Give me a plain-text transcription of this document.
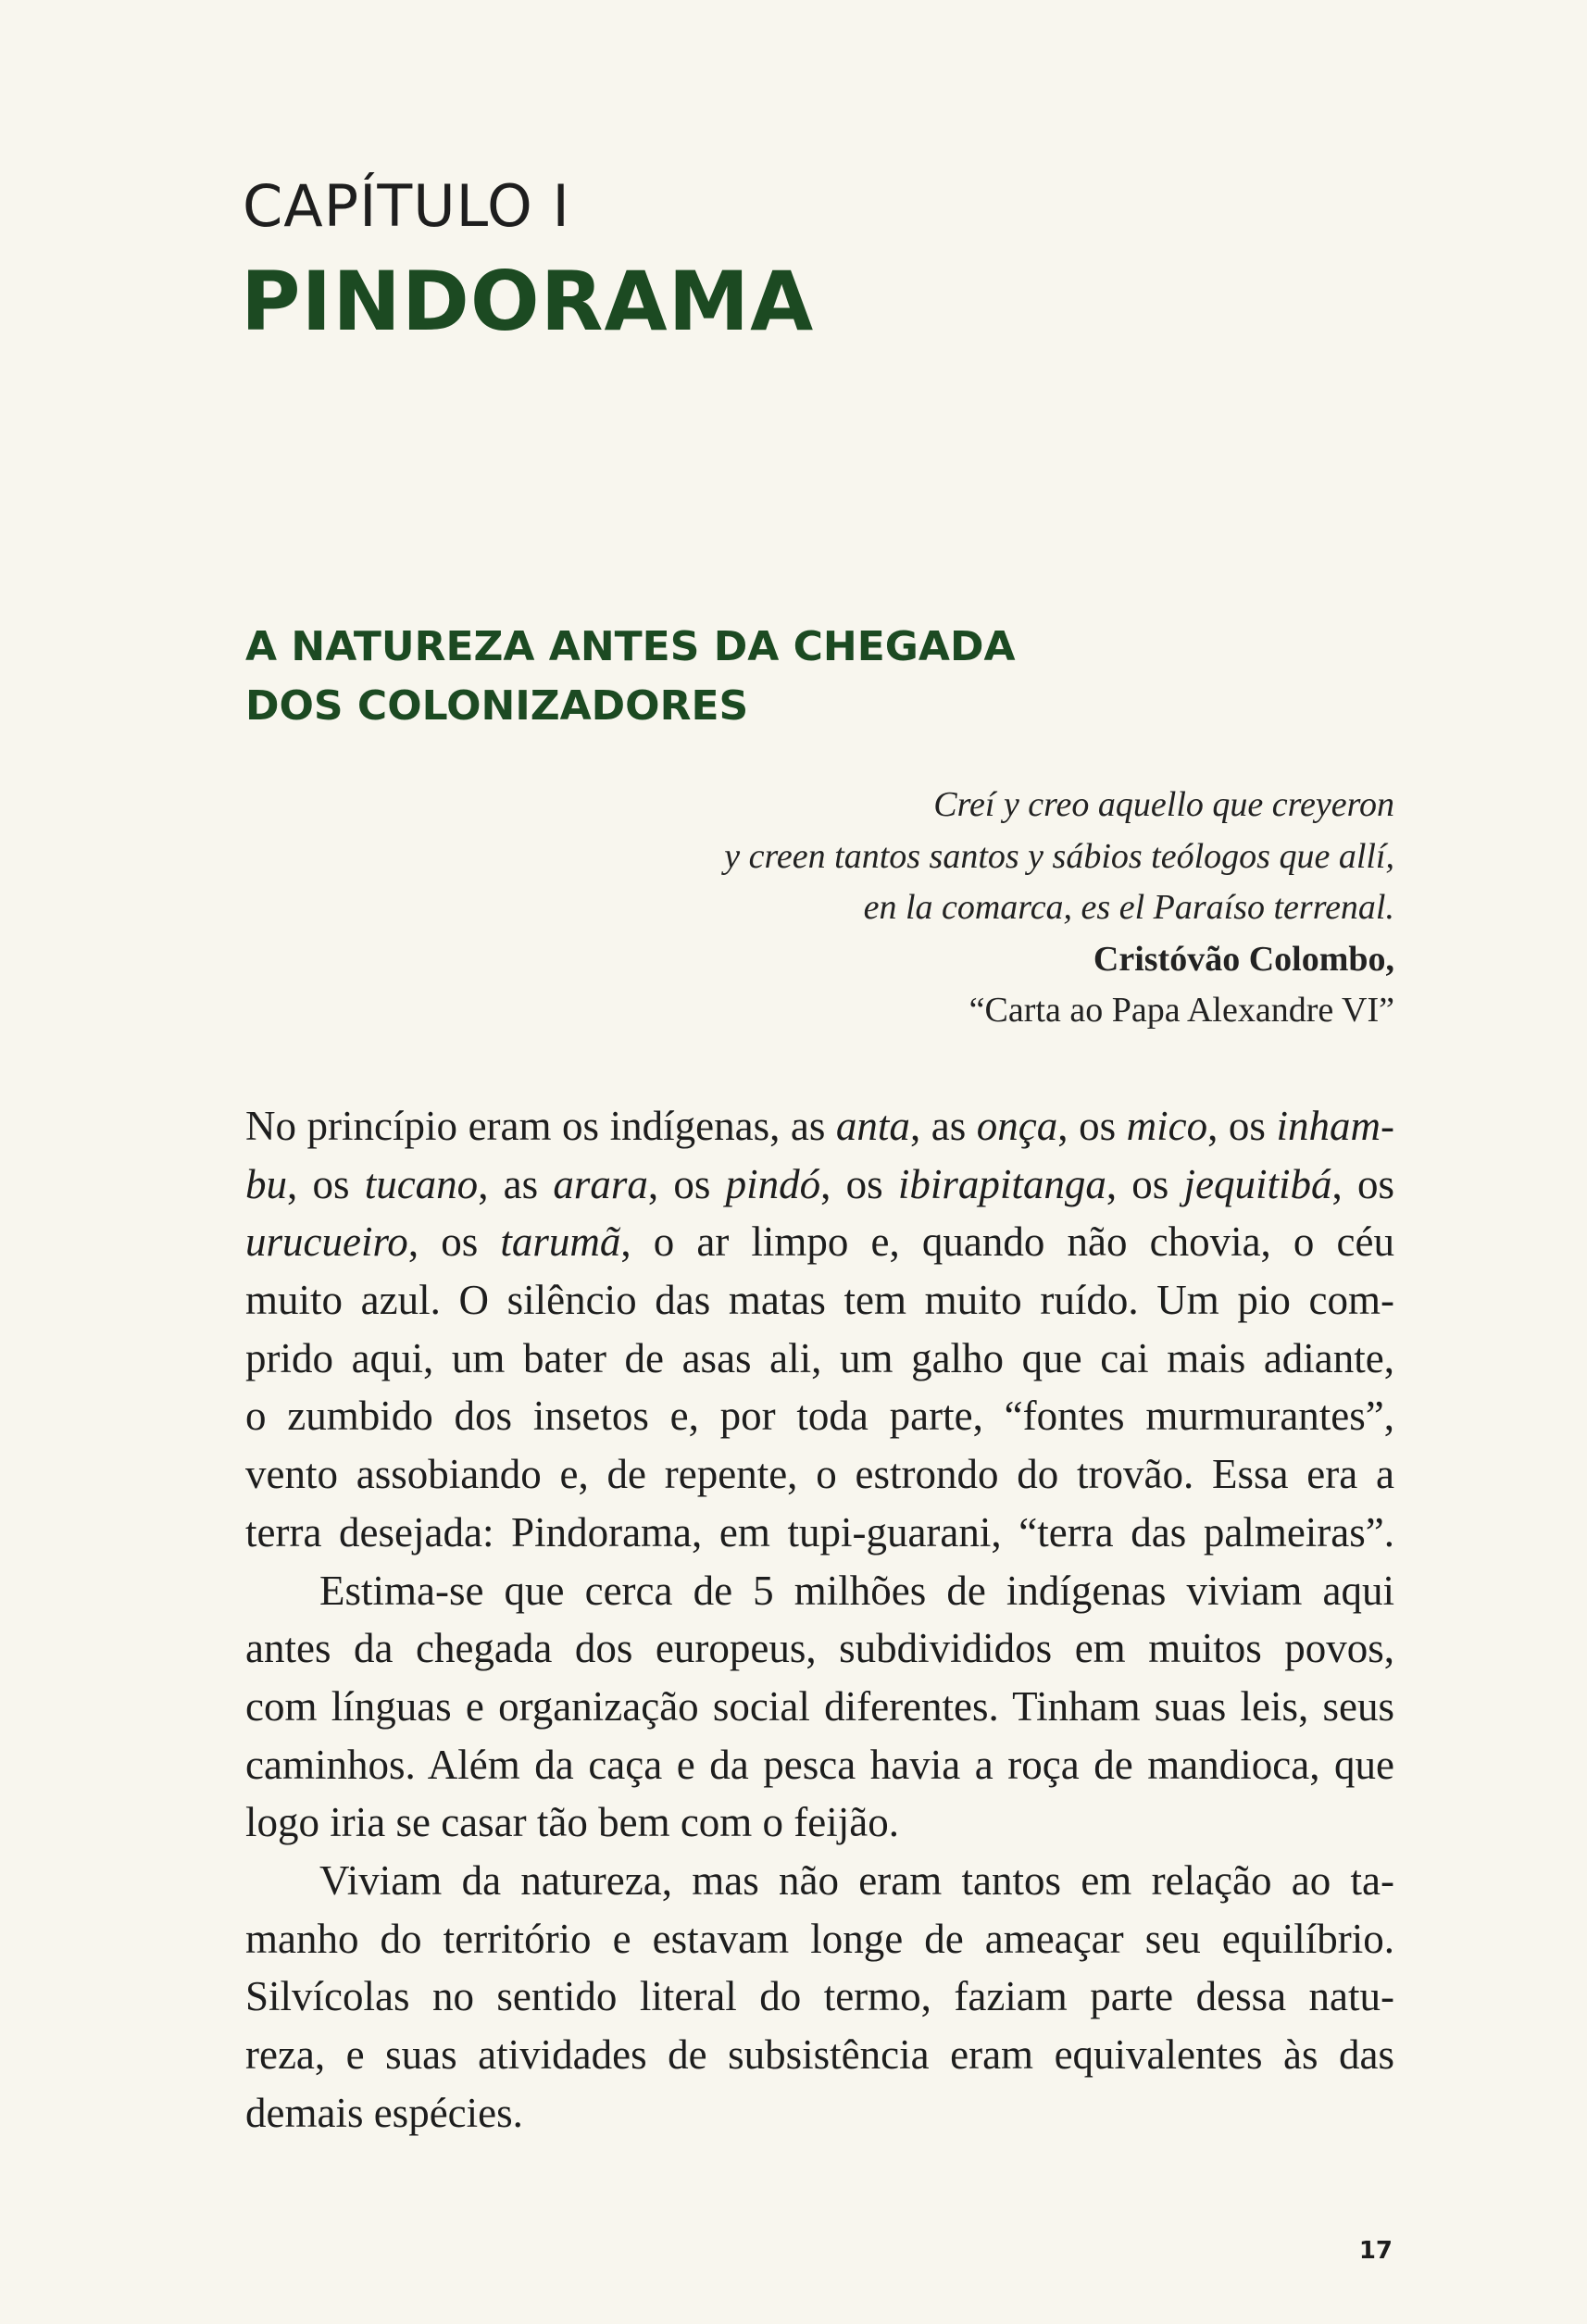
CAPÍTULO I
PINDORAMA
A NATUREZA ANTES DA CHEGADA
DOS COLONIZADORES
Creí y creo aquello que creyeron
y creen tantos santos y sábios teólogos que allí,
en la comarca, es el Paraíso terrenal.
Cristóvão Colombo,
“Carta ao Papa Alexandre VI”

No princípio eram os indígenas, as anta, as onça, os mico, os inham-

bu, os tucano, as arara, os pindó, os ibirapitanga, os jequitibá, os

urucueiro, os tarumã, o ar limpo e, quando não chovia, o céu

muito azul. O silêncio das matas tem muito ruído. Um pio com-

prido aqui, um bater de asas ali, um galho que cai mais adiante,

o zumbido dos insetos e, por toda parte, “fontes murmurantes”,

vento assobiando e, de repente, o estrondo do trovão. Essa era a

terra desejada: Pindorama, em tupi-guarani, “terra das palmeiras”.

Estima-se que cerca de 5 milhões de indígenas viviam aqui

antes da chegada dos europeus, subdivididos em muitos povos,

com línguas e organização social diferentes. Tinham suas leis, seus

caminhos. Além da caça e da pesca havia a roça de mandioca, que

logo iria se casar tão bem com o feijão.

Viviam da natureza, mas não eram tantos em relação ao ta-

manho do território e estavam longe de ameaçar seu equilíbrio.

Silvícolas no sentido literal do termo, faziam parte dessa natu-

reza, e suas atividades de subsistência eram equivalentes às das

demais espécies.

17
